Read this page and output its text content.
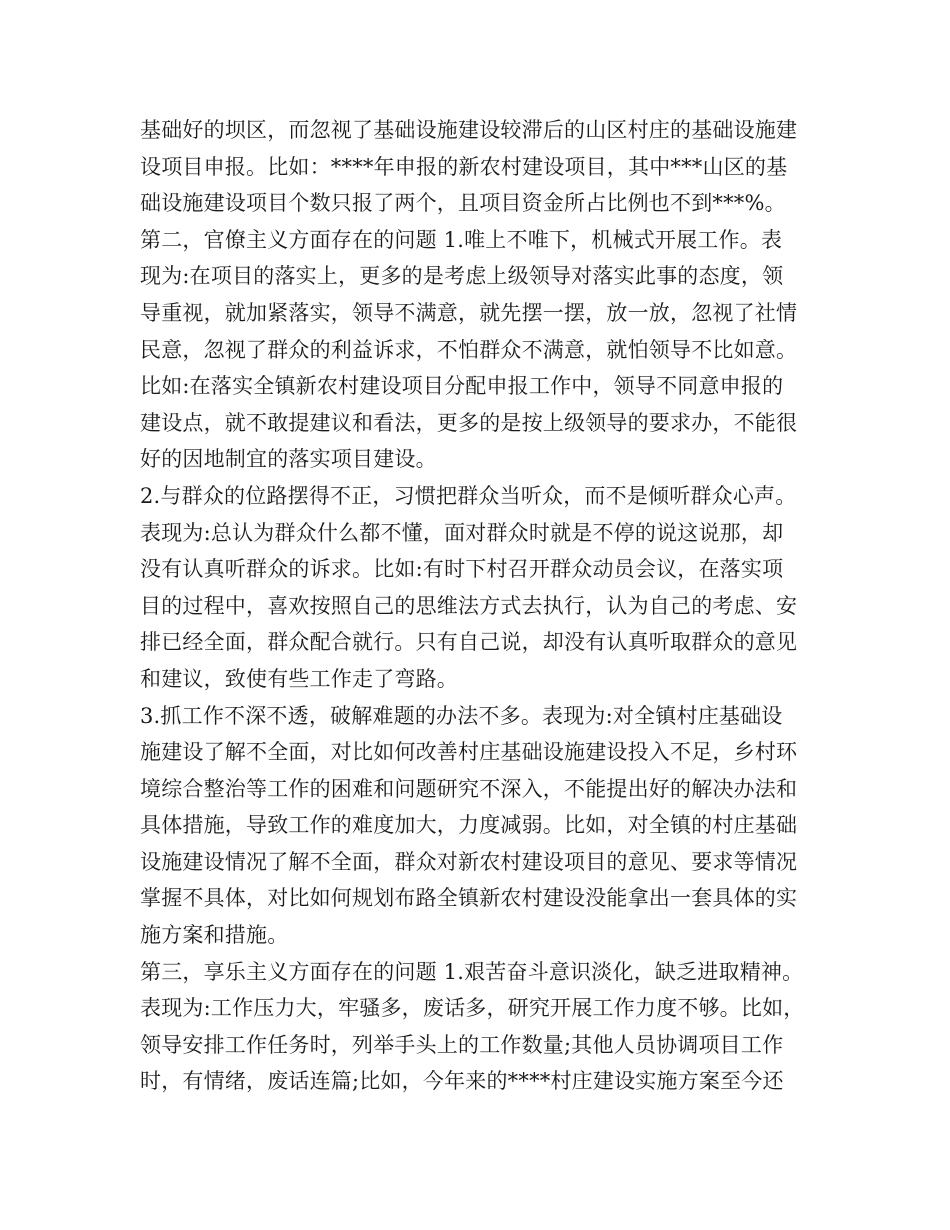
基础好的坝区，而忽视了基础设施建设较滞后的山区村庄的基础设施建
设项目申报。比如：****年申报的新农村建设项目，其中***山区的基
础设施建设项目个数只报了两个，且项目资金所占比例也不到***%。
第二，官僚主义方面存在的问题 1.唯上不唯下，机械式开展工作。表
现为:在项目的落实上，更多的是考虑上级领导对落实此事的态度，领
导重视，就加紧落实，领导不满意，就先摆一摆，放一放，忽视了社情
民意，忽视了群众的利益诉求，不怕群众不满意，就怕领导不比如意。
比如:在落实全镇新农村建设项目分配申报工作中，领导不同意申报的
建设点，就不敢提建议和看法，更多的是按上级领导的要求办，不能很
好的因地制宜的落实项目建设。
2.与群众的位路摆得不正，习惯把群众当听众，而不是倾听群众心声。
表现为:总认为群众什么都不懂，面对群众时就是不停的说这说那，却
没有认真听群众的诉求。比如:有时下村召开群众动员会议，在落实项
目的过程中，喜欢按照自己的思维法方式去执行，认为自己的考虑、安
排已经全面，群众配合就行。只有自己说，却没有认真听取群众的意见
和建议，致使有些工作走了弯路。
3.抓工作不深不透，破解难题的办法不多。表现为:对全镇村庄基础设
施建设了解不全面，对比如何改善村庄基础设施建设投入不足，乡村环
境综合整治等工作的困难和问题研究不深入，不能提出好的解决办法和
具体措施，导致工作的难度加大，力度减弱。比如，对全镇的村庄基础
设施建设情况了解不全面，群众对新农村建设项目的意见、要求等情况
掌握不具体，对比如何规划布路全镇新农村建设没能拿出一套具体的实
施方案和措施。
第三，享乐主义方面存在的问题 1.艰苦奋斗意识淡化，缺乏进取精神。
表现为:工作压力大，牢骚多，废话多，研究开展工作力度不够。比如，
领导安排工作任务时，列举手头上的工作数量;其他人员协调项目工作
时，有情绪，废话连篇;比如，今年来的****村庄建设实施方案至今还
